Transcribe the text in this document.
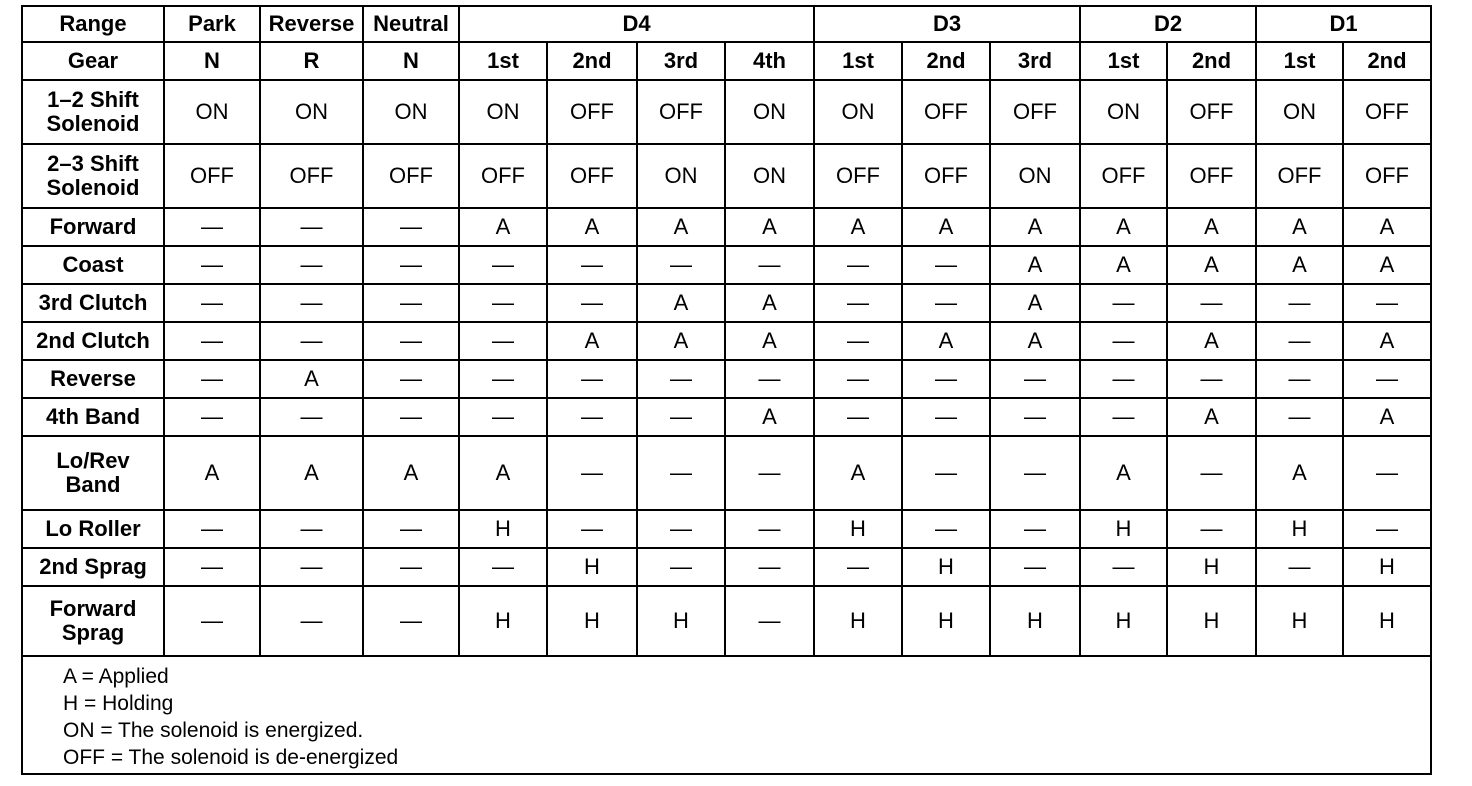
Range	Park	Reverse	Neutral	D4				D3			D2		D1	
Gear	N	R	N	1st	2nd	3rd	4th	1st	2nd	3rd	1st	2nd	1st	2nd
1–2 Shift Solenoid	ON	ON	ON	ON	OFF	OFF	ON	ON	OFF	OFF	ON	OFF	ON	OFF
2–3 Shift Solenoid	OFF	OFF	OFF	OFF	OFF	ON	ON	OFF	OFF	ON	OFF	OFF	OFF	OFF
Forward	—	—	—	A	A	A	A	A	A	A	A	A	A	A
Coast	—	—	—	—	—	—	—	—	—	A	A	A	A	A
3rd Clutch	—	—	—	—	—	A	A	—	—	A	—	—	—	—
2nd Clutch	—	—	—	—	A	A	A	—	A	A	—	A	—	A
Reverse	—	A	—	—	—	—	—	—	—	—	—	—	—	—
4th Band	—	—	—	—	—	—	A	—	—	—	—	A	—	A
Lo/Rev Band	A	A	A	A	—	—	—	A	—	—	A	—	A	—
Lo Roller	—	—	—	H	—	—	—	H	—	—	H	—	H	—
2nd Sprag	—	—	—	—	H	—	—	—	H	—	—	H	—	H
Forward Sprag	—	—	—	H	H	H	—	H	H	H	H	H	H	H

A = Applied
H = Holding
ON = The solenoid is energized.
OFF = The solenoid is de-energized														
